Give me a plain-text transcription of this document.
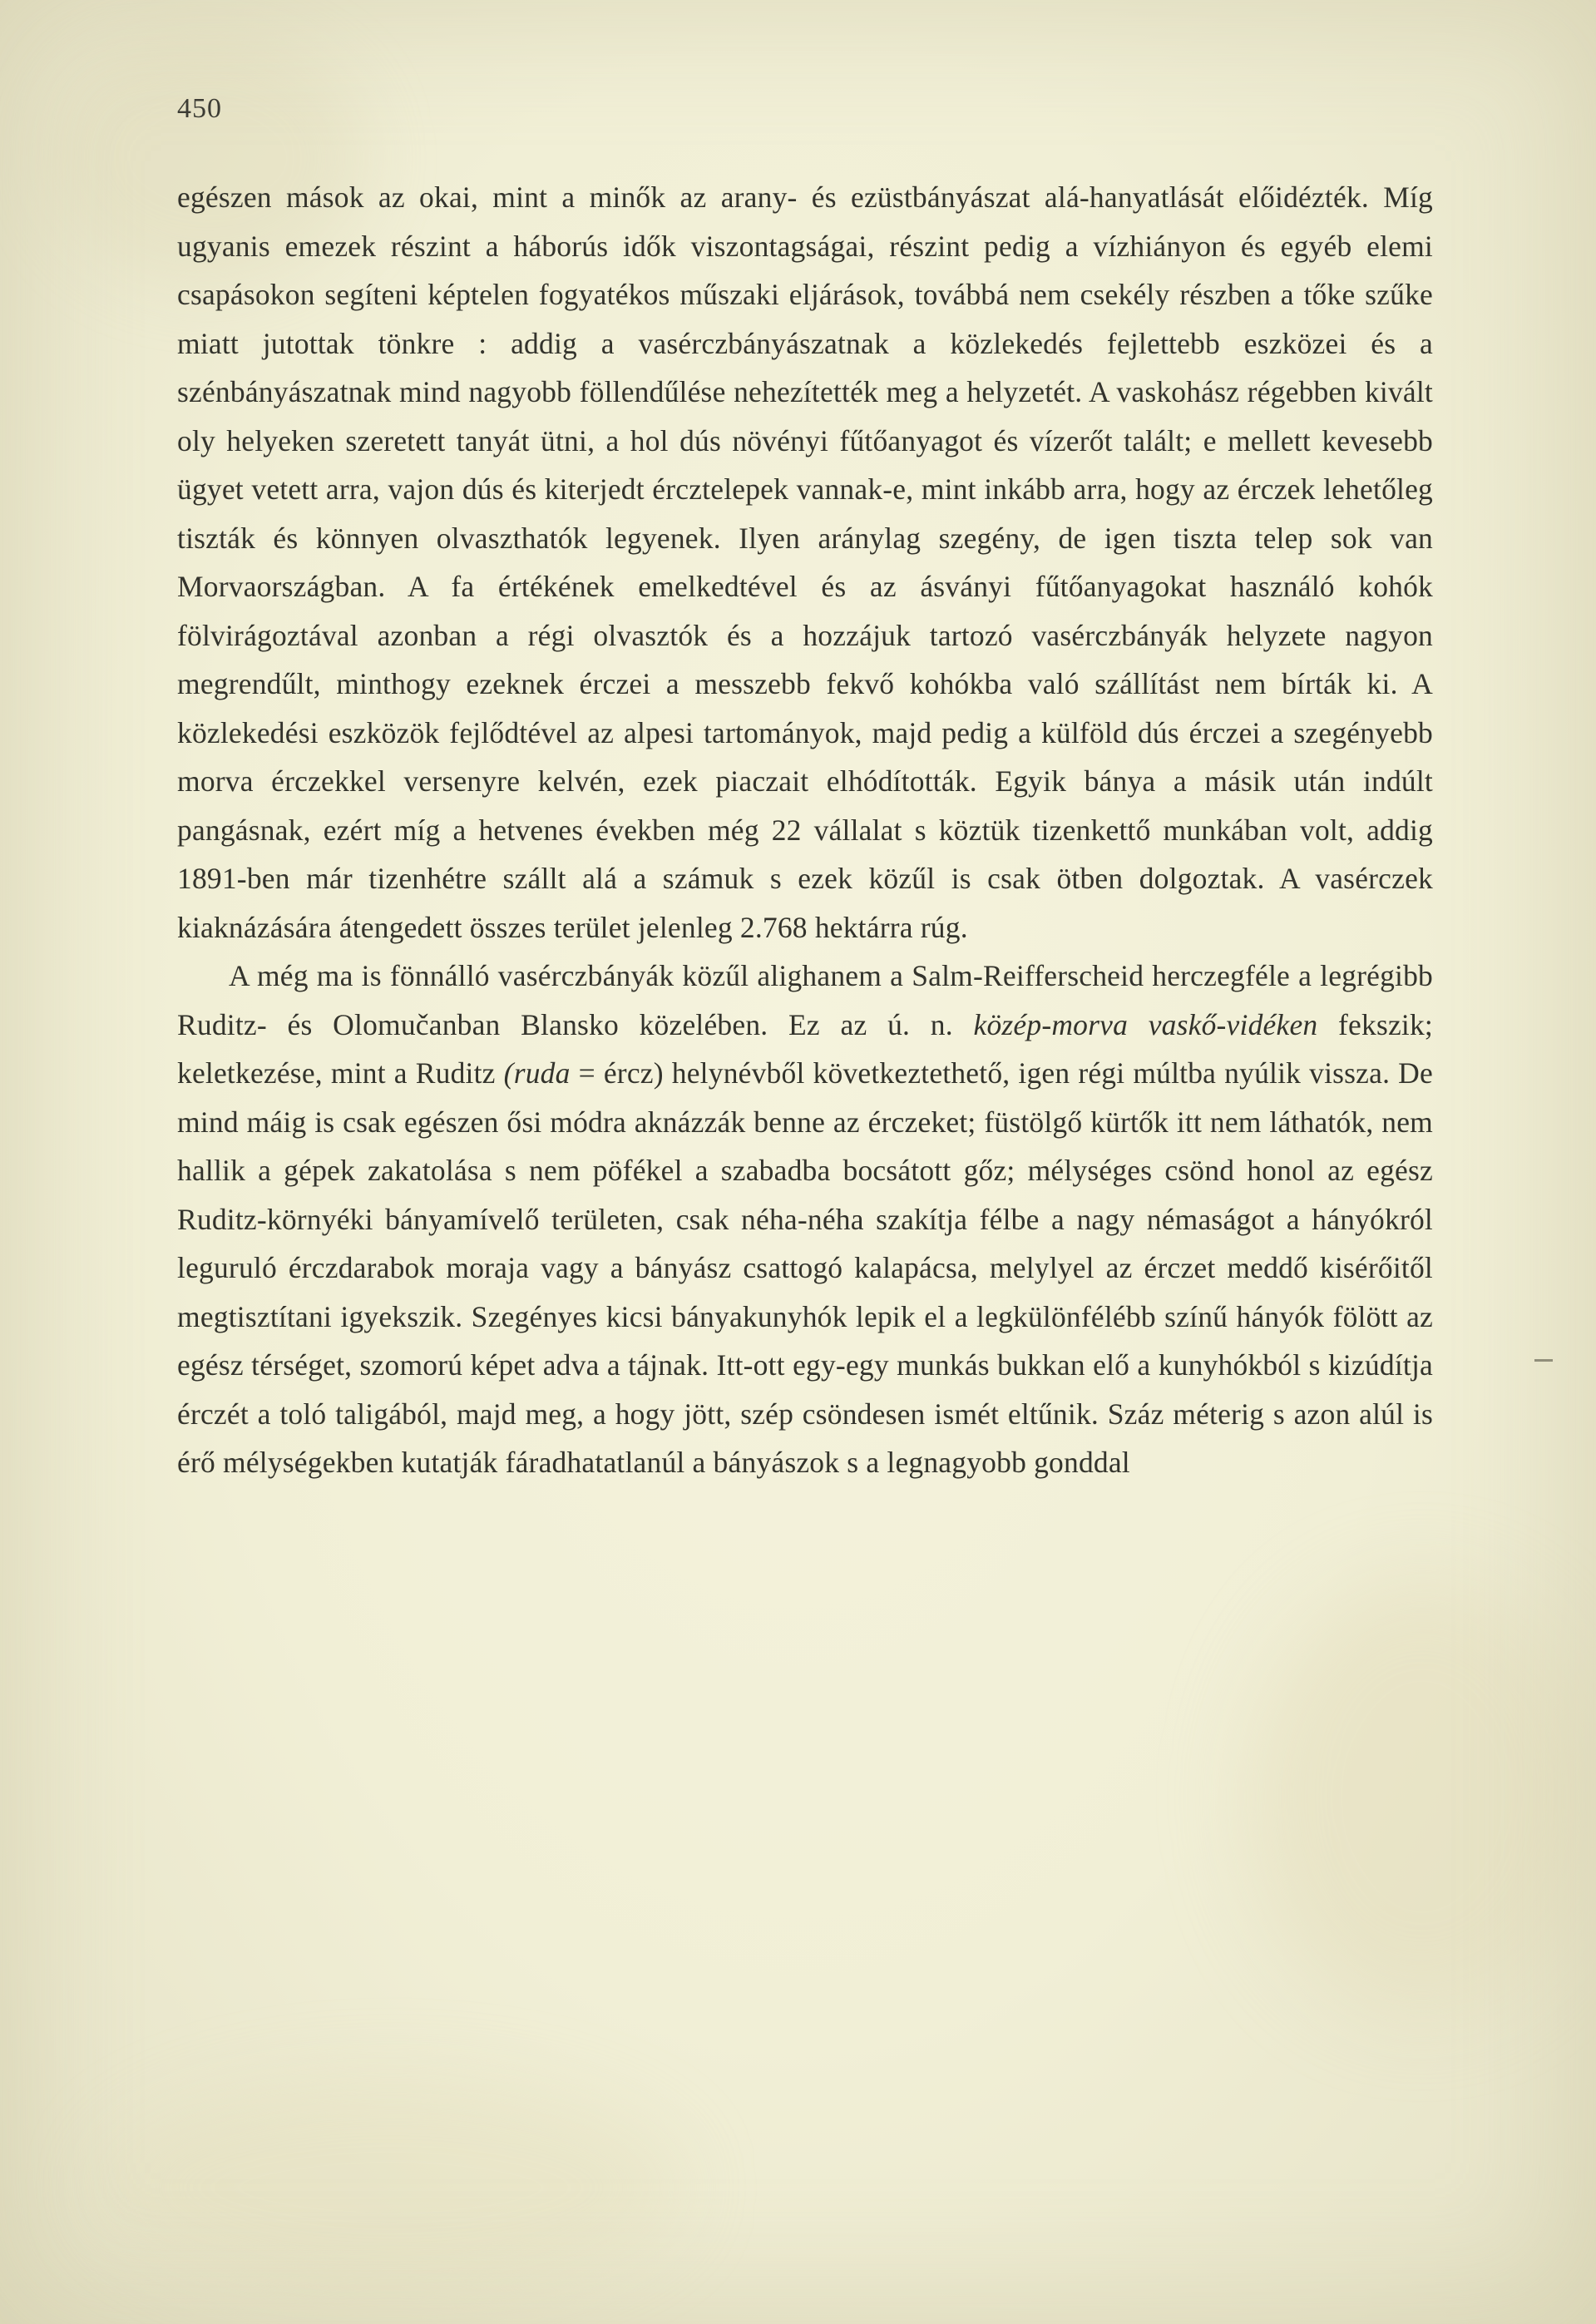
450

egészen mások az okai, mint a minők az arany- és ezüstbányászat alá-hanyatlását előidézték. Míg ugyanis emezek részint a háborús idők viszontagságai, részint pedig a vízhiányon és egyéb elemi csapásokon segíteni képtelen fogyatékos műszaki eljárások, továbbá nem csekély részben a tőke szűke miatt jutottak tönkre : addig a vasérczbányászatnak a közlekedés fejlettebb eszközei és a szénbányászatnak mind nagyobb föllendűlése nehezítették meg a helyzetét. A vaskohász régebben kivált oly helyeken szeretett tanyát ütni, a hol dús növényi fűtőanyagot és vízerőt talált; e mellett kevesebb ügyet vetett arra, vajon dús és kiterjedt ércztelepek vannak-e, mint inkább arra, hogy az érczek lehetőleg tiszták és könnyen olvaszthatók legyenek. Ilyen aránylag szegény, de igen tiszta telep sok van Morvaországban. A fa értékének emelkedtével és az ásványi fűtőanyagokat használó kohók fölvirágoztával azonban a régi olvasztók és a hozzájuk tartozó vasérczbányák helyzete nagyon megrendűlt, minthogy ezeknek érczei a messzebb fekvő kohókba való szállítást nem bírták ki. A közlekedési eszközök fejlődtével az alpesi tartományok, majd pedig a külföld dús érczei a szegényebb morva érczekkel versenyre kelvén, ezek piaczait elhódították. Egyik bánya a másik után indúlt pangásnak, ezért míg a hetvenes években még 22 vállalat s köztük tizenkettő munkában volt, addig 1891-ben már tizenhétre szállt alá a számuk s ezek közűl is csak ötben dolgoztak. A vasérczek kiaknázására átengedett összes terület jelenleg 2.768 hektárra rúg.

A még ma is fönnálló vasérczbányák közűl alighanem a Salm-Reifferscheid herczegféle a legrégibb Ruditz- és Olomučanban Blansko közelében. Ez az ú. n. közép-morva vaskő-vidéken fekszik; keletkezése, mint a Ruditz (ruda = ércz) helynévből következtethető, igen régi múltba nyúlik vissza. De mind máig is csak egészen ősi módra aknázzák benne az érczeket; füstölgő kürtők itt nem láthatók, nem hallik a gépek zakatolása s nem pöfékel a szabadba bocsátott gőz; mélységes csönd honol az egész Ruditz-környéki bányamívelő területen, csak néha-néha szakítja félbe a nagy némaságot a hányókról leguruló érczdarabok moraja vagy a bányász csattogó kalapácsa, melylyel az érczet meddő kisérőitől megtisztítani igyekszik. Szegényes kicsi bányakunyhók lepik el a legkülönfélébb színű hányók fölött az egész térséget, szomorú képet adva a tájnak. Itt-ott egy-egy munkás bukkan elő a kunyhókból s kizúdítja érczét a toló taligából, majd meg, a hogy jött, szép csöndesen ismét eltűnik. Száz méterig s azon alúl is érő mélységekben kutatják fáradhatatlanúl a bányászok s a legnagyobb gonddal
